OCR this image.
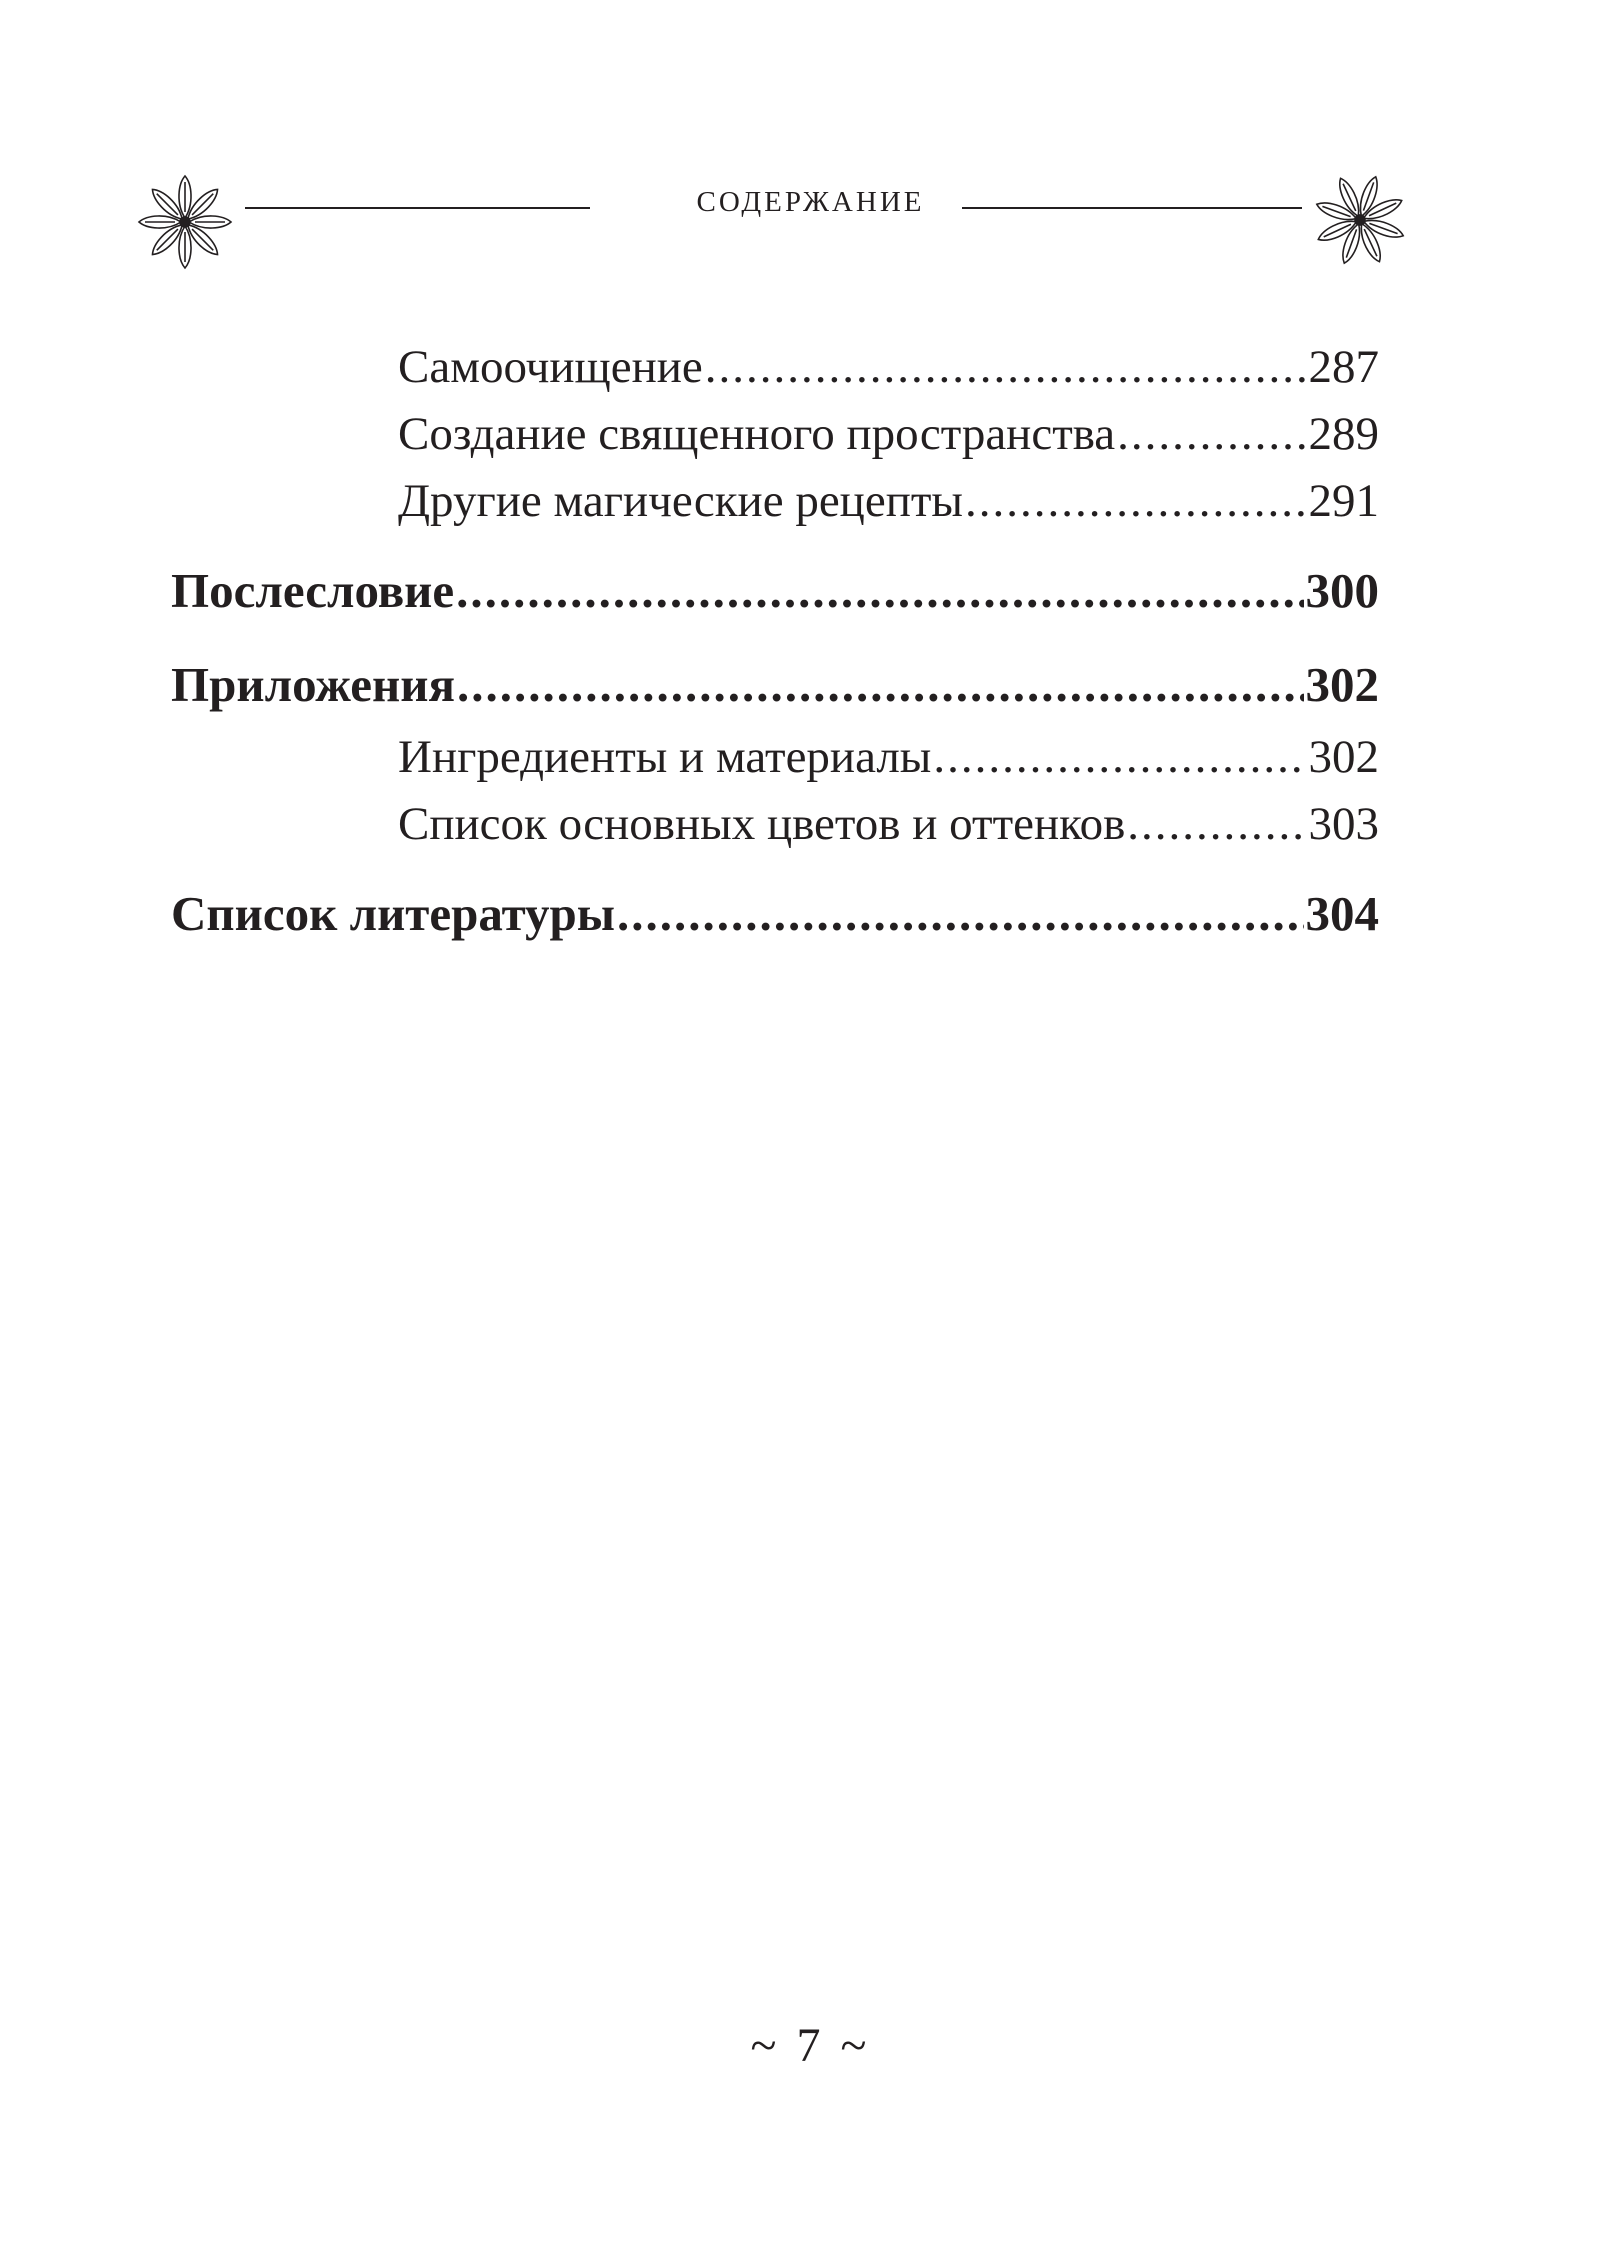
СОДЕРЖАНИЕ
Самоочищение .....	287
Создание священного пространства .....	289
Другие магические рецепты .....	291
Послесловие .....	300
Приложения .....	302
Ингредиенты и материалы .....	302
Список основных цветов и оттенков .....	303
Список литературы .....	304
~ 7 ~
